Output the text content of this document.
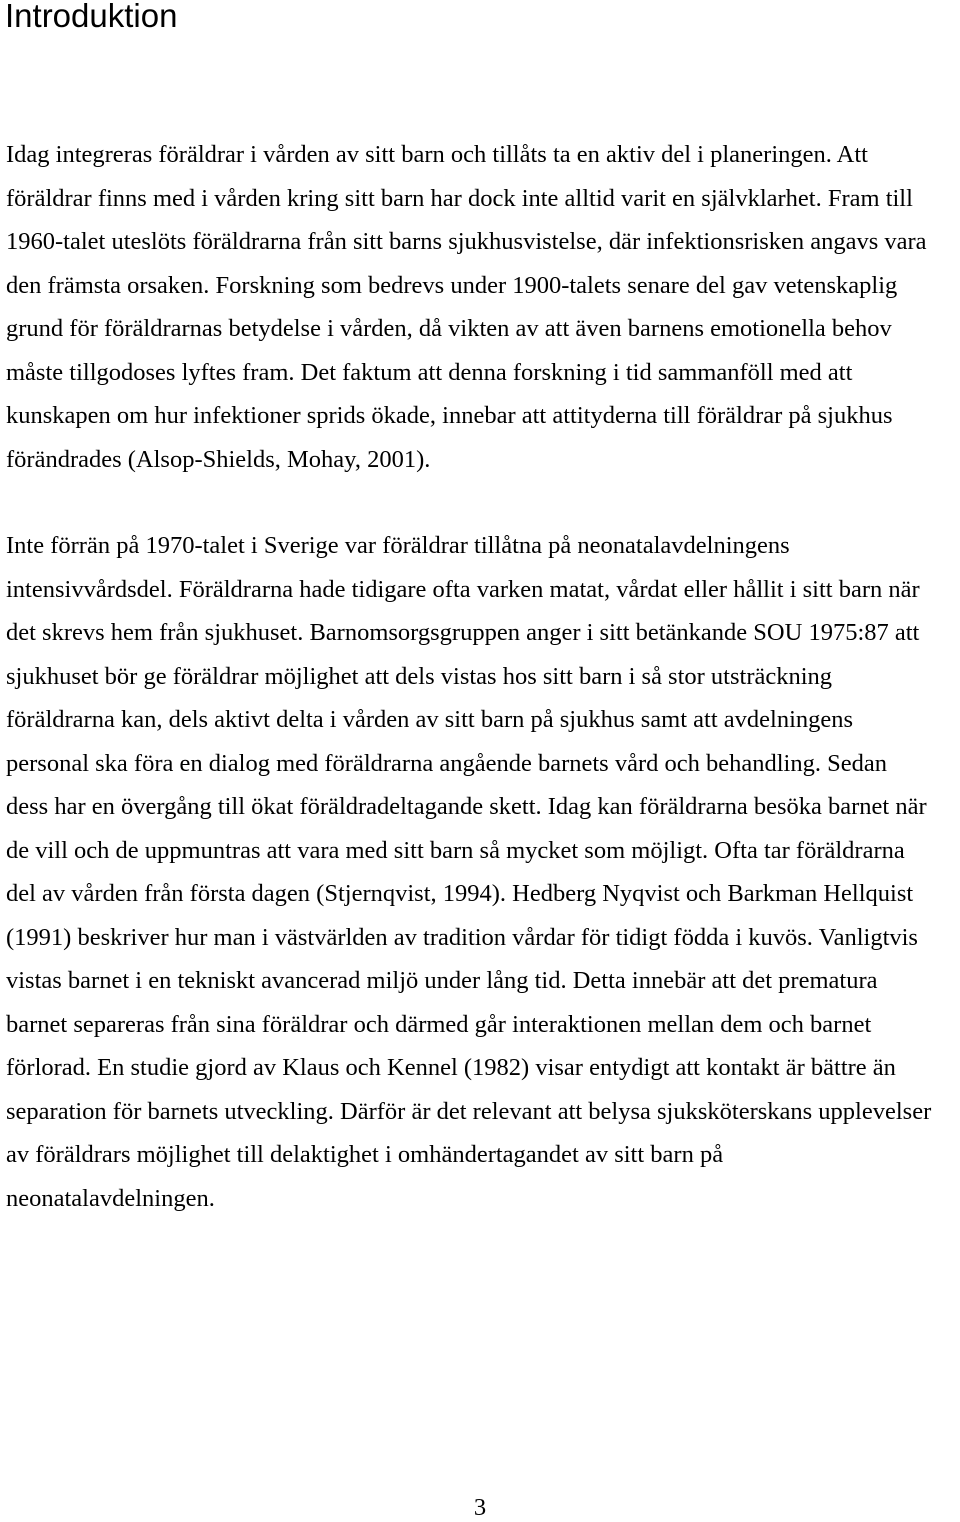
Introduktion

Idag integreras föräldrar i vården av sitt barn och tillåts ta en aktiv del i planeringen. Att
föräldrar finns med i vården kring sitt barn har dock inte alltid varit en självklarhet. Fram till
1960-talet uteslöts föräldrarna från sitt barns sjukhusvistelse, där infektionsrisken angavs vara
den främsta orsaken. Forskning som bedrevs under 1900-talets senare del gav vetenskaplig
grund för föräldrarnas betydelse i vården, då vikten av att även barnens emotionella behov
måste tillgodoses lyftes fram. Det faktum att denna forskning i tid sammanföll med att
kunskapen om hur infektioner sprids ökade, innebar att attityderna till föräldrar på sjukhus
förändrades (Alsop-Shields, Mohay, 2001).

Inte förrän på 1970-talet i Sverige var föräldrar tillåtna på neonatalavdelningens
intensivvårdsdel. Föräldrarna hade tidigare ofta varken matat, vårdat eller hållit i sitt barn när
det skrevs hem från sjukhuset. Barnomsorgsgruppen anger i sitt betänkande SOU 1975:87 att
sjukhuset bör ge föräldrar möjlighet att dels vistas hos sitt barn i så stor utsträckning
föräldrarna kan, dels aktivt delta i vården av sitt barn på sjukhus samt att avdelningens
personal ska föra en dialog med föräldrarna angående barnets vård och behandling. Sedan
dess har en övergång till ökat föräldradeltagande skett. Idag kan föräldrarna besöka barnet när
de vill och de uppmuntras att vara med sitt barn så mycket som möjligt. Ofta tar föräldrarna
del av vården från första dagen (Stjernqvist, 1994). Hedberg Nyqvist och Barkman Hellquist
(1991) beskriver hur man i västvärlden av tradition vårdar för tidigt födda i kuvös. Vanligtvis
vistas barnet i en tekniskt avancerad miljö under lång tid. Detta innebär att det prematura
barnet separeras från sina föräldrar och därmed går interaktionen mellan dem och barnet
förlorad. En studie gjord av Klaus och Kennel (1982) visar entydigt att kontakt är bättre än
separation för barnets utveckling. Därför är det relevant att belysa sjuksköterskans upplevelser
av föräldrars möjlighet till delaktighet i omhändertagandet av sitt barn på
neonatalavdelningen.

3
